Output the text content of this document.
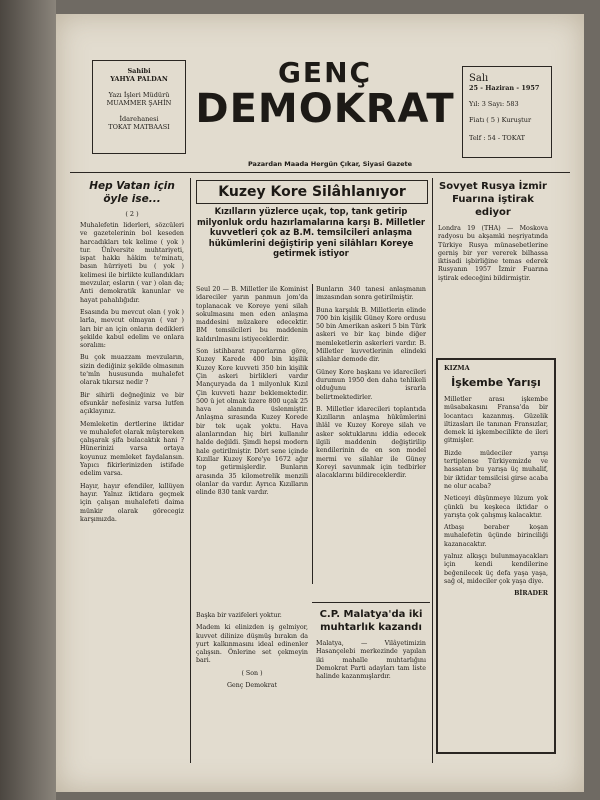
Sahibi
YAHYA PALDAN
Yazı İşleri Müdürü
MUAMMER ŞAHİN
İdarehanesi
TOKAT MATBAASI
GENÇ
DEMOKRAT
Pazardan Maada Hergün Çıkar, Siyasi Gazete
Salı
25 - Haziran - 1957
Yıl: 3 Sayı: 583
Fiatı ( 5 ) Kuruştur
Telf : 54 - TOKAT
Hep Vatan için öyle ise...
( 2 )

Muhalefetin liderleri, sözcüleri ve gazetelerinin bol keseden harcadıkları tek kelime ( yok ) tur. Ünîversite muhtariyeti, ispat hakkı hâkim te'minatı, basın hürriyeti bu ( yok ) kelimesi ile birlikte kullandıkları mevzular, esların ( var ) olan da; Anti demokratik kanunlar ve hayat pahalılığıdır.

Esasında bu mevcut olan ( yok ) larla, mevcut olmayan ( var ) ları bir an için onların dedikleri şekilde kabul edelim ve onlara soralım:

Bu çok muazzam mevzuların, sizin dediğiniz şekilde olmasının te'mîn hususunda muhalefet olarak tıkırsız nedir ?

Bir sihirli değneğiniz ve bir efsunkâr nefesiniz varsa lutfen açıklayınız.

Memleketin dertlerine iktidar ve muhalefet olarak müştereken çalışarak şifa bulacaktık hani ? Hünerinizi varsa ortaya koyunuz memleket faydalansın. Yapıcı fikirlerinizden istifade edelim varsa.

Hayır, hayır efendiler, kıllüyen hayır. Yalnız iktidara geçmek için çalışan muhalefeti daima münkir olarak görecegiz karşımızda.

Kuzey Kore Silâhlanıyor
Kızılların yüzlerce uçak, top, tank getirip milyonluk ordu hazırlamalarına karşı B. Milletler kuvvetleri çok az B.M. temsilcileri anlaşma hükümlerini değiştirip yeni silâhları Koreye getirmek istiyor

Seul 20 — B. Milletler ile Kominist idareciler yarın panmun jom'da toplanacak ve Koreye yeni silah sokulmasını men eden anlaşma maddesini müzakere edecektir. BM temsilcileri bu maddenin kaldırılmasını istiyeceklerdir.

Son istihbarat raporlarına göre, Kuzey Karede 400 bin kişilik Kuzey Kore kuvveti 350 bin kişilik Çin askeri birlikleri vardır Mançuryada da 1 milyonluk Kızıl Çin kuvveti hazır beklemektedir. 500 ü jet olmak üzere 800 uçak 25 hava alanında üslenmiştir. Anlaşma sırasında Kuzey Korede bir tek uçak yoktu. Hava alanlarından hiç biri kullanılır halde değildi. Şimdi hepsi modern hale getirilmiştir. Dört sene içinde Kızıllar Kuzey Kore'ye 1672 ağır top getirmişlerdir. Bunların arasında 35 kilometrelik menzili olanlar da vardır. Ayrıca Kızılların elinde 830 tank vardır.

Bunların 340 tanesi anlaşmanın imzasından sonra getirilmiştir.

Buna karşılık B. Milletlerin elinde 700 bin kişilik Güney Kore ordusu 50 bin Amerikan askeri 5 bin Türk askeri ve bir kaç binde diğer memleketlerin askerleri vardır. B. Milletler kuvvetlerinin elindeki silahlar demode dir.

Güney Kore başkanı ve idarecileri durumun 1950 den daha tehlikeli olduğunu israrla belirtmektedirler.

B. Milletler idarecileri toplantıda Kızılların anlaşma hükümlerini ihlâl ve Kuzey Koreye silah ve asker soktuklarını iddia edecek ilgili maddenin değiştirilip kendilerinin de en son model mermi ve silahlar ile Güney Koreyi savunmak için tedbirler alacaklarını bildireceklerdir.

Başka bir vazifeleri yoktur.

Madem ki elinizden iş gelmiyor, kuvvet dilinize düşmüş bırakın da yurt kalkınmasını ideal edinenler çalışsın. Önlerine set çekmeyin bari.

( Son )

Genç Demokrat

C.P. Malatya'da iki muhtarlık kazandı

Malatya, — Vilâyetimizin Hasançelebi merkezinde yapılan iki mahalle muhtarlığını Demokrat Parti adayları tam liste halinde kazanmışlardır.

Sovyet Rusya İzmir Fuarına iştirak ediyor

Londra 19 (THA) — Moskova radyosu bu akşamki neşriyatında Türkiye Rusya münasebetlerine gerniş bir yer vererek bilhassa iktisadi işbirliğine temas ederek Rusyanın 1957 İzmir Fuarına iştirak edeceğini bildirmiştir.

KIZMA
İşkembe Yarışı

Milletler arası işkembe müsabakasını Fransa'da bir locantacı kazanmış. Güzelik iltizasları ile tanınan Fransızlar, demek ki işkembecilikte de ileri gitmişler.

Bizde müdeciler yarışı tertiplense Türkiyemizde ve hassatan bu yarışa üç muhalif, bir iktidar temsilcisi girse acaba ne olur acaba?

Neticeyi düşünmeye lüzum yok çünkü bu keşkeca iktidar o yarışta çok çalışmış kalacaktır.

Atbaşı beraber koşan muhalefetin üçünde birinciliği kazanacaktır.

yalnız alkışçı bulunmayacakları için kendi kendilerine beğenilecek üç defa yaşa yaşa, sağ ol, mideciler çok yaşa diye.

BİRADER
